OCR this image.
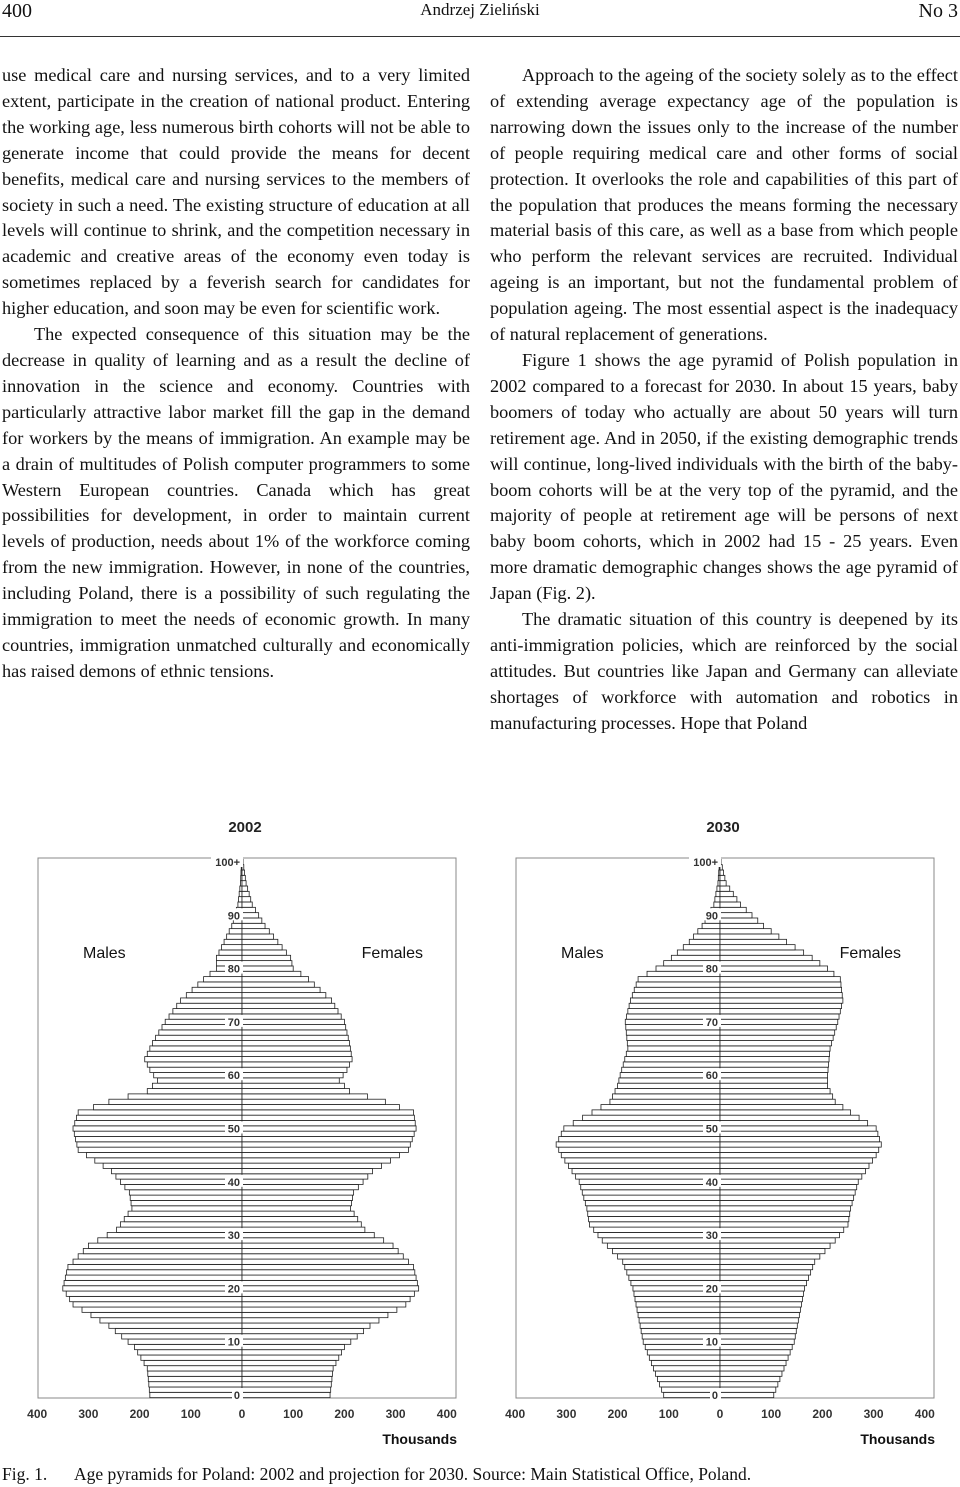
400	Andrzej Zieliński	No 3

use medical care and nursing services, and to a very limited extent, participate in the creation of national product. Entering the working age, less numerous birth cohorts will not be able to generate income that could provide the means for decent benefits, medical care and nursing services to the members of society in such a need. The existing structure of education at all levels will continue to shrink, and the competition necessary in academic and creative areas of the economy even today is sometimes replaced by a feverish search for candidates for higher education, and soon may be even for scientific work.

The expected consequence of this situation may be the decrease in quality of learning and as a result the decline of innovation in the science and economy. Countries with particularly attractive labor market fill the gap in the demand for workers by the means of immigration. An example may be a drain of multitudes of Polish computer programmers to some Western European countries. Canada which has great possibilities for development, in order to maintain current levels of production, needs about 1% of the workforce coming from the new immigration. However, in none of the countries, including Poland, there is a possibility of such regulating the immigration to meet the needs of economic growth. In many countries, immigration unmatched culturally and economically has raised demons of ethnic tensions.

Approach to the ageing of the society solely as to the effect of extending average expectancy age of the population is narrowing down the issues only to the increase of the number of people requiring medical care and other forms of social protection. It overlooks the role and capabilities of this part of the population that produces the means forming the necessary material basis of this care, as well as a base from which people who perform the relevant services are recruited. Individual ageing is an important, but not the fundamental problem of population ageing. The most essential aspect is the inadequacy of natural replacement of generations.

Figure 1 shows the age pyramid of Polish population in 2002 compared to a forecast for 2030. In about 15 years, baby boomers of today who actually are about 50 years will turn retirement age. And in 2050, if the existing demographic trends will continue, long-lived individuals with the birth of the baby-boom cohorts will be at the very top of the pyramid, and the majority of people at retirement age will be persons of next baby boom cohorts, which in 2002 had 15 - 25 years. Even more dramatic demographic changes shows the age pyramid of Japan (Fig. 2).

The dramatic situation of this country is deepened by its anti-immigration policies, which are reinforced by the social attitudes. But countries like Japan and Germany can alleviate shortages of workforce with automation and robotics in manufacturing processes. Hope that Poland

2002
0
10
20
30
40
50
60
70
80
90
100+
Males	Females
400	300	200	100	0	100	200	300	400
Thousands
2030
0
10
20
30
40
50
60
70
80
90
100+
Males	Females
400	300	200	100	0	100	200	300	400
Thousands
Fig. 1. Age pyramids for Poland: 2002 and projection for 2030. Source: Main Statistical Office, Poland.
